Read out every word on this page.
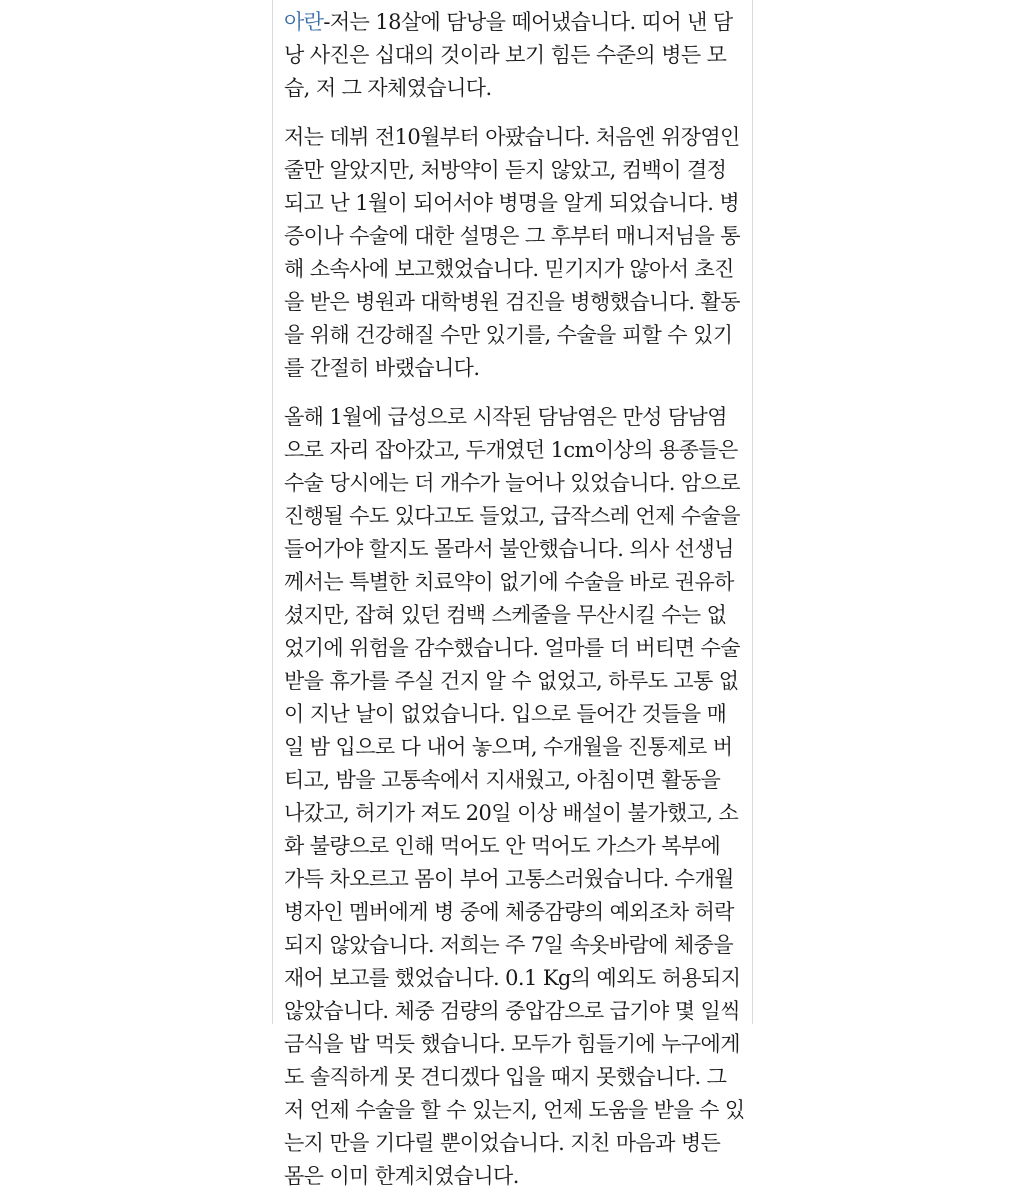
아란-저는 18살에 담낭을 떼어냈습니다. 띠어 낸 담
낭 사진은 십대의 것이라 보기 힘든 수준의 병든 모
습, 저 그 자체였습니다.

저는 데뷔 전10월부터 아팠습니다. 처음엔 위장염인
줄만 알았지만, 처방약이 듣지 않았고, 컴백이 결정
되고 난 1월이 되어서야 병명을 알게 되었습니다. 병
증이나 수술에 대한 설명은 그 후부터 매니저님을 통
해 소속사에 보고했었습니다. 믿기지가 않아서 초진
을 받은 병원과 대학병원 검진을 병행했습니다. 활동
을 위해 건강해질 수만 있기를, 수술을 피할 수 있기
를 간절히 바랬습니다.

올해 1월에 급성으로 시작된 담남염은 만성 담남염
으로 자리 잡아갔고, 두개였던 1cm이상의 용종들은
수술 당시에는 더 개수가 늘어나 있었습니다. 암으로
진행될 수도 있다고도 들었고, 급작스레 언제 수술을
들어가야 할지도 몰라서 불안했습니다. 의사 선생님
께서는 특별한 치료약이 없기에 수술을 바로 권유하
셨지만, 잡혀 있던 컴백 스케줄을 무산시킬 수는 없
었기에 위험을 감수했습니다. 얼마를 더 버티면 수술
받을 휴가를 주실 건지 알 수 없었고, 하루도 고통 없
이 지난 날이 없었습니다. 입으로 들어간 것들을 매
일 밤 입으로 다 내어 놓으며, 수개월을 진통제로 버
티고, 밤을 고통속에서 지새웠고, 아침이면 활동을
나갔고, 허기가 져도 20일 이상 배설이 불가했고, 소
화 불량으로 인해 먹어도 안 먹어도 가스가 복부에
가득 차오르고 몸이 부어 고통스러웠습니다. 수개월
병자인 멤버에게 병 중에 체중감량의 예외조차 허락
되지 않았습니다. 저희는 주 7일 속옷바람에 체중을
재어 보고를 했었습니다. 0.1 Kg의 예외도 허용되지
않았습니다. 체중 검량의 중압감으로 급기야 몇 일씩
금식을 밥 먹듯 했습니다. 모두가 힘들기에 누구에게
도 솔직하게 못 견디겠다 입을 때지 못했습니다. 그
저 언제 수술을 할 수 있는지, 언제 도움을 받을 수 있
는지 만을 기다릴 뿐이었습니다. 지친 마음과 병든
몸은 이미 한계치였습니다.
